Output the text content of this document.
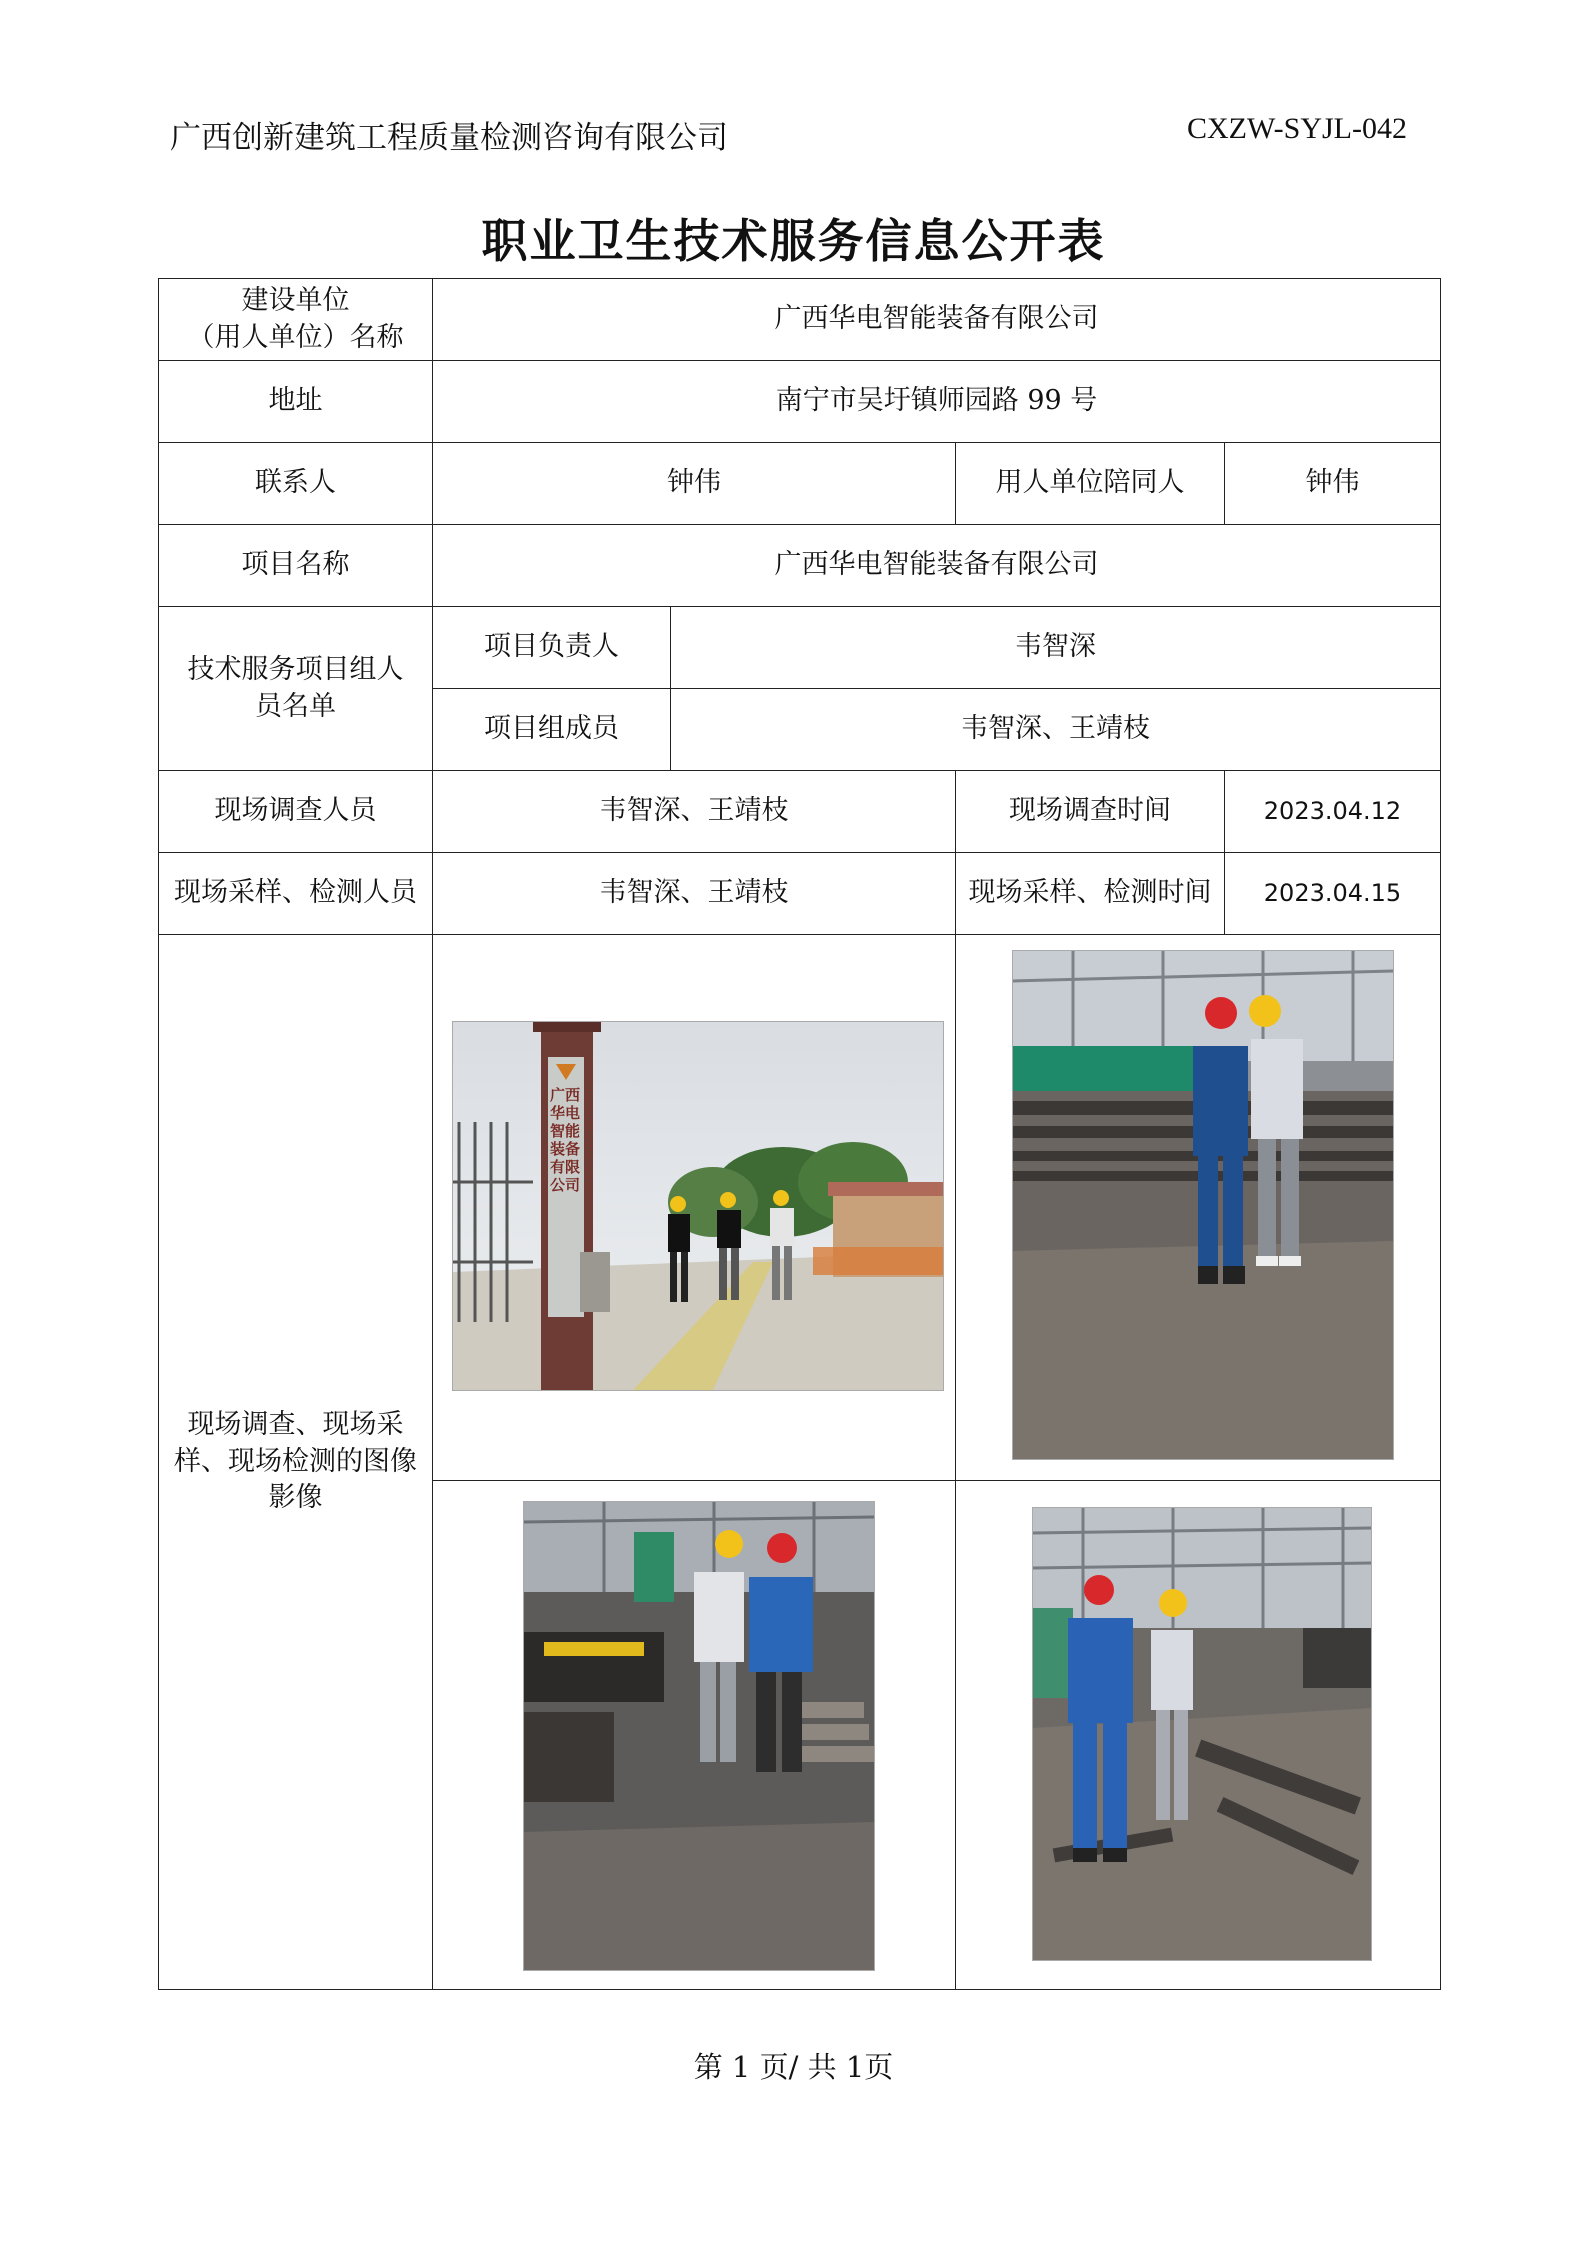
广西创新建筑工程质量检测咨询有限公司	CXZW-SYJL-042
职业卫生技术服务信息公开表
建设单位
（用人单位）名称	广西华电智能装备有限公司			
地址	南宁市吴圩镇师园路 99 号			
联系人	钟伟		用人单位陪同人	钟伟
项目名称	广西华电智能装备有限公司			

技术服务项目组人
员名单	项目负责人	韦智深		
	项目组成员	韦智深、王靖枝		
现场调查人员	韦智深、王靖枝		现场调查时间	2023.04.12
现场采样、检测人员	韦智深、王靖枝		现场采样、检测时间	2023.04.15

现场调查、现场采
样、现场检测的图像
影像	广西华电智能装备有限公司

第 1 页/ 共 1页
